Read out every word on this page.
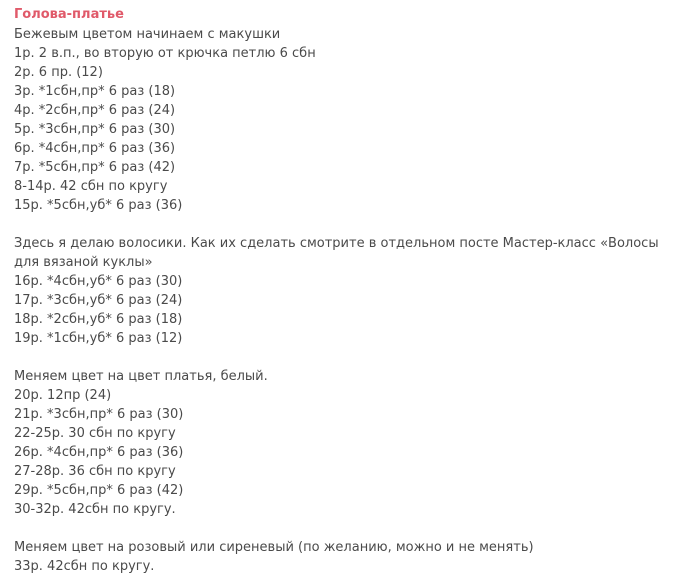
Голова-платье

Бежевым цветом начинаем с макушки

1р. 2 в.п., во вторую от крючка петлю 6 сбн

2р. 6 пр. (12)

3р. *1сбн,пр* 6 раз (18)

4р. *2сбн,пр* 6 раз (24)

5р. *3сбн,пр* 6 раз (30)

6р. *4сбн,пр* 6 раз (36)

7р. *5сбн,пр* 6 раз (42)

8-14р. 42 сбн по кругу

15р. *5сбн,уб* 6 раз (36)

Здесь я делаю волосики. Как их сделать смотрите в отдельном посте Мастер-класс «Волосы для вязаной куклы»

16р. *4сбн,уб* 6 раз (30)

17р. *3сбн,уб* 6 раз (24)

18р. *2сбн,уб* 6 раз (18)

19р. *1сбн,уб* 6 раз (12)

Меняем цвет на цвет платья, белый.

20р. 12пр (24)

21р. *3сбн,пр* 6 раз (30)

22-25р. 30 сбн по кругу

26р. *4сбн,пр* 6 раз (36)

27-28р. 36 сбн по кругу

29р. *5сбн,пр* 6 раз (42)

30-32р. 42сбн по кругу.

Меняем цвет на розовый или сиреневый (по желанию, можно и не менять)

33р. 42сбн по кругу.
